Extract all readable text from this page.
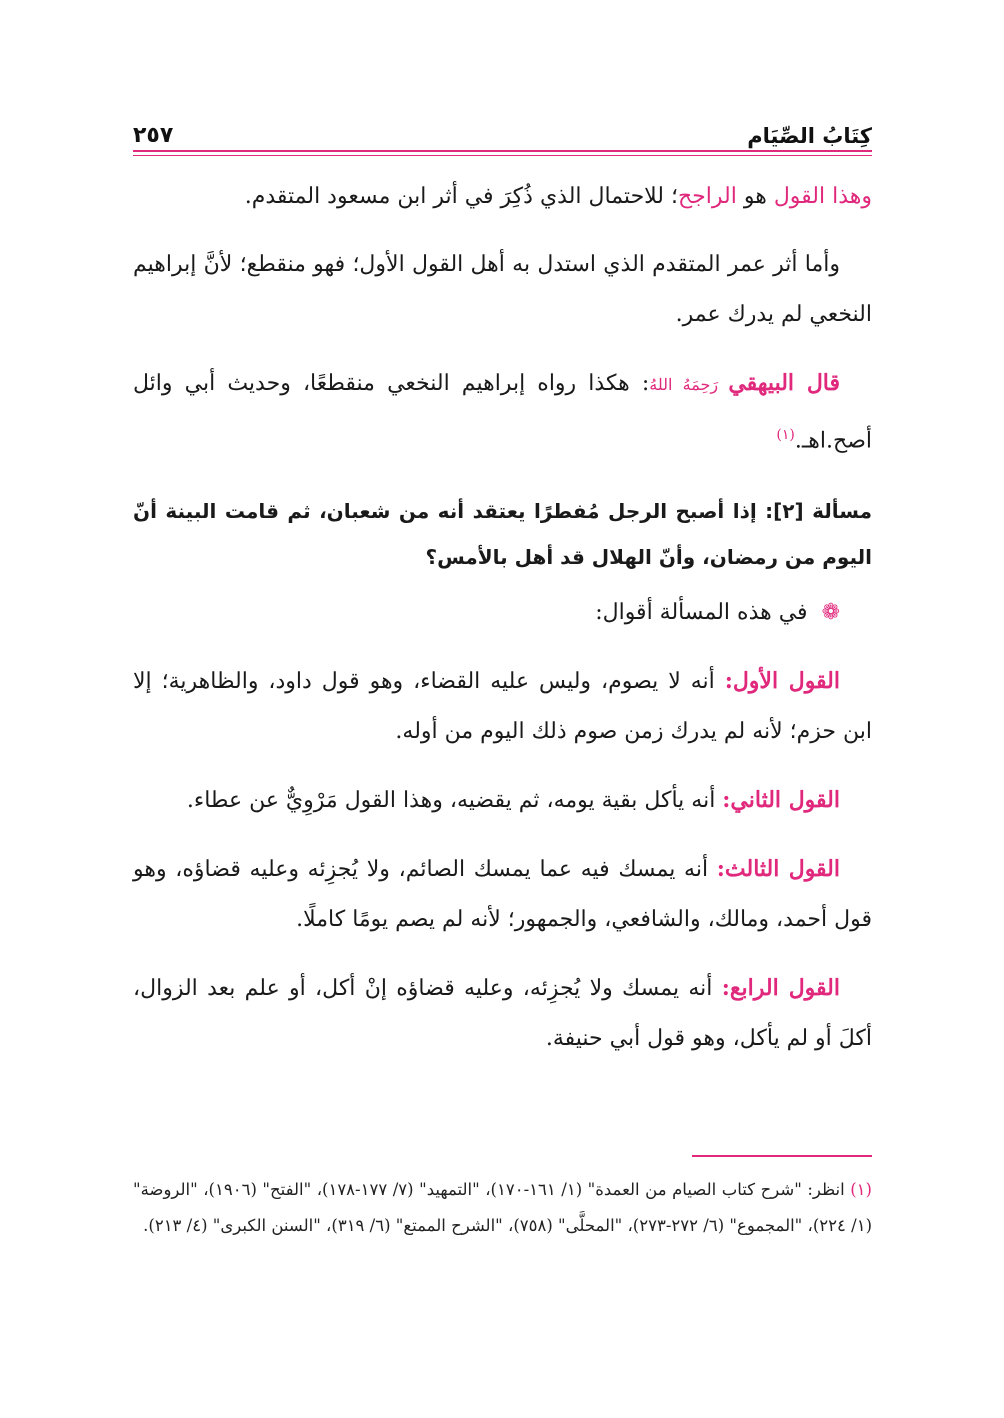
كِتَابُ الصِّيَام
٢٥٧

وهذا القول هو الراجح؛ للاحتمال الذي ذُكِرَ في أثر ابن مسعود المتقدم.

وأما أثر عمر المتقدم الذي استدل به أهل القول الأول؛ فهو منقطع؛ لأنَّ إبراهيم النخعي لم يدرك عمر.

قال البيهقي رَحِمَهُ اللهُ: هكذا رواه إبراهيم النخعي منقطعًا، وحديث أبي وائل أصح.اهـ.$^{(١)}$

مسألة [٢]: إذا أصبح الرجل مُفطرًا يعتقد أنه من شعبان، ثم قامت البينة أنّ اليوم من رمضان، وأنّ الهلال قد أهل بالأمس؟

❁في هذه المسألة أقوال:

القول الأول: أنه لا يصوم، وليس عليه القضاء، وهو قول داود، والظاهرية؛ إلا ابن حزم؛ لأنه لم يدرك زمن صوم ذلك اليوم من أوله.

القول الثاني: أنه يأكل بقية يومه، ثم يقضيه، وهذا القول مَرْوِيٌّ عن عطاء.

القول الثالث: أنه يمسك فيه عما يمسك الصائم، ولا يُجزِئه وعليه قضاؤه، وهو قول أحمد، ومالك، والشافعي، والجمهور؛ لأنه لم يصم يومًا كاملًا.

القول الرابع: أنه يمسك ولا يُجزِئه، وعليه قضاؤه إنْ أكل، أو علم بعد الزوال، أكلَ أو لم يأكل، وهو قول أبي حنيفة.

(١) انظر: "شرح كتاب الصيام من العمدة" (١/ ١٦١-١٧٠)، "التمهيد" (٧/ ١٧٧-١٧٨)، "الفتح" (١٩٠٦)، "الروضة" (١/ ٢٢٤)، "المجموع" (٦/ ٢٧٢-٢٧٣)، "المحلَّى" (٧٥٨)، "الشرح الممتع" (٦/ ٣١٩)، "السنن الكبرى" (٤/ ٢١٣).
